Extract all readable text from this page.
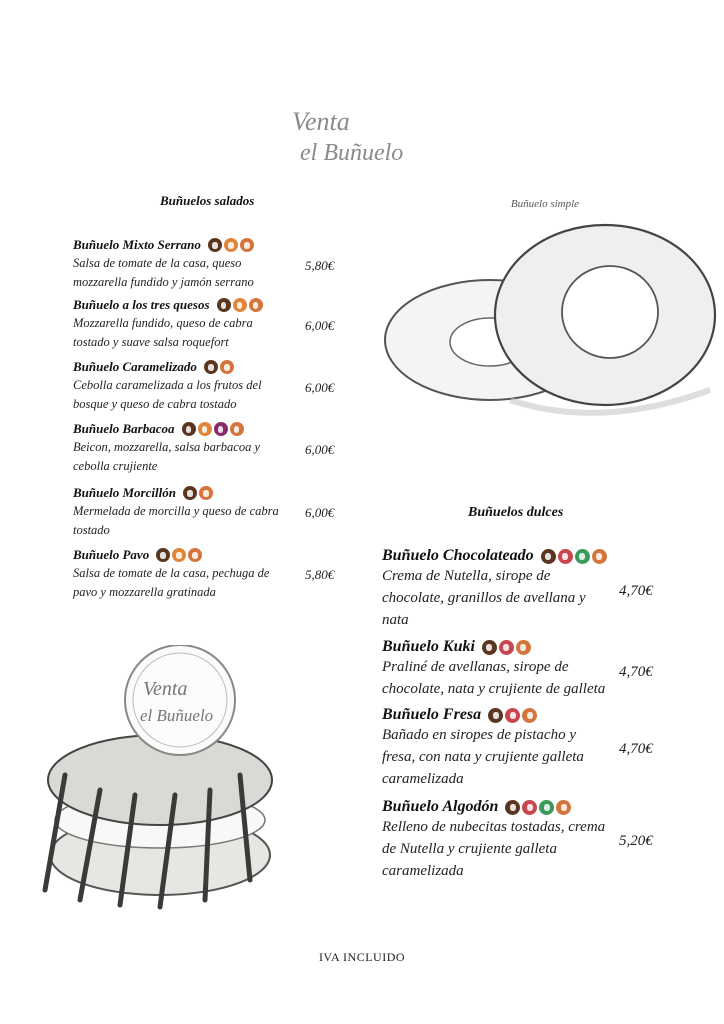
Venta
el Buñuelo
Buñuelos salados
Buñuelo Mixto Serrano
Salsa de tomate de la casa, queso mozzarella fundido y jamón serrano
5,80€
Buñuelo a los tres quesos
Mozzarella fundido, queso de cabra tostado y suave salsa roquefort
6,00€
Buñuelo Caramelizado
Cebolla caramelizada a los frutos del bosque y queso de cabra tostado
6,00€
Buñuelo Barbacoa
Beicon, mozzarella, salsa barbacoa y cebolla crujiente
6,00€
Buñuelo Morcillón
Mermelada de morcilla y queso de cabra tostado
6,00€
Buñuelo Pavo
Salsa de tomate de la casa, pechuga de pavo y mozzarella gratinada
5,80€
Buñuelo simple
Buñuelos dulces
Buñuelo Chocolateado
Crema de Nutella, sirope de chocolate, granillos de avellana y nata
4,70€
Buñuelo Kuki
Praliné de avellanas, sirope de chocolate, nata y crujiente de galleta
4,70€
Buñuelo Fresa
Bañado en siropes de pistacho y fresa, con nata y crujiente galleta caramelizada
4,70€
Buñuelo Algodón
Relleno de nubecitas tostadas, crema de Nutella y crujiente galleta caramelizada
5,20€
Venta
el Buñuelo
IVA INCLUIDO
